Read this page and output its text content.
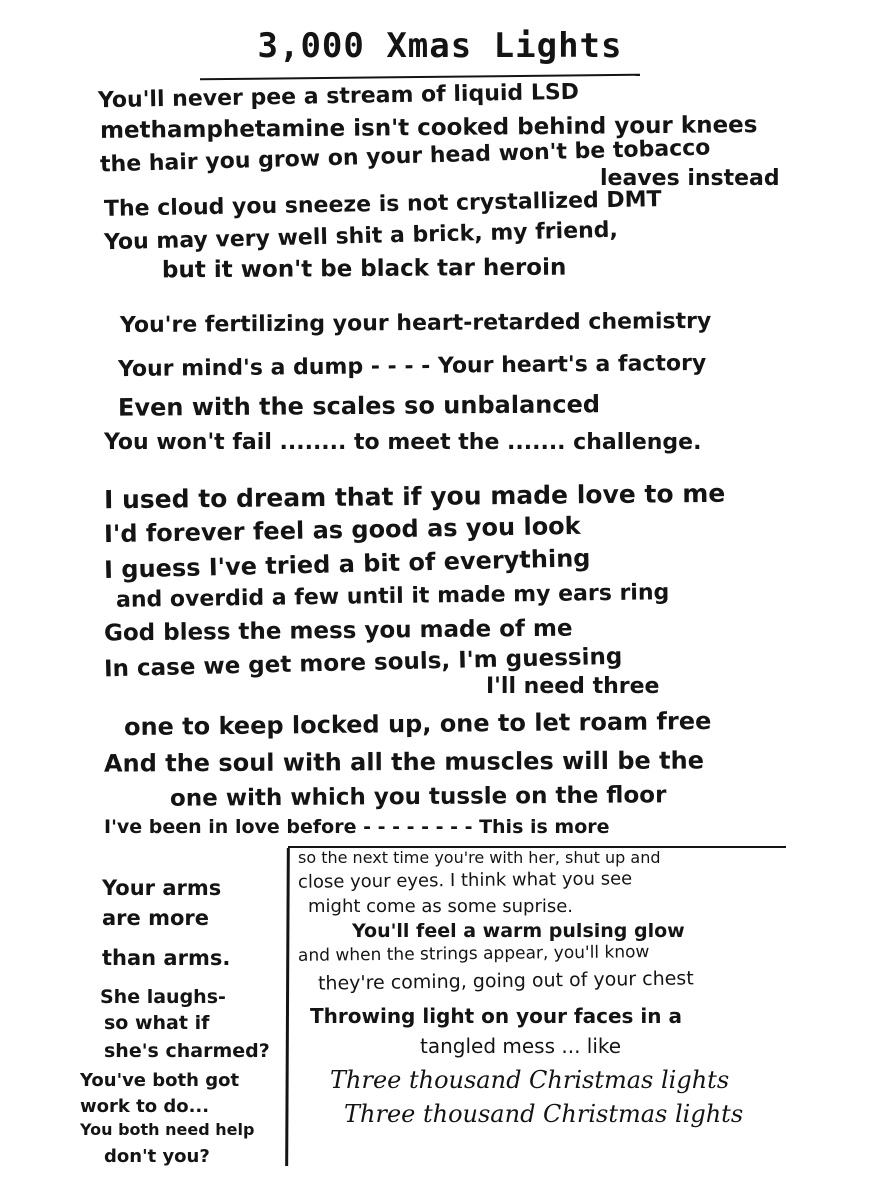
3,000 Xmas Lights
You'll never pee a stream of liquid LSD
methamphetamine isn't cooked behind your knees
the hair you grow on your head won't be tobacco
leaves instead
The cloud you sneeze is not crystallized DMT
You may very well shit a brick, my friend,
but it won't be black tar heroin
You're fertilizing your heart-retarded chemistry
Your mind's a dump - - - - Your heart's a factory
Even with the scales so unbalanced
You won't fail ........ to meet the ....... challenge.
I used to dream that if you made love to me
I'd forever feel as good as you look
I guess I've tried a bit of everything
and overdid a few until it made my ears ring
God bless the mess you made of me
In case we get more souls, I'm guessing
I'll need three
one to keep locked up, one to let roam free
And the soul with all the muscles will be the
one with which you tussle on the floor
I've been in love before - - - - - - - - This is more
Your arms
are more
than arms.
She laughs-
so what if
she's charmed?
You've both got
work to do...
You both need help
don't you?
so the next time you're with her, shut up and
close your eyes. I think what you see
might come as some suprise.
You'll feel a warm pulsing glow
and when the strings appear, you'll know
they're coming, going out of your chest
Throwing light on your faces in a
tangled mess ... like
Three thousand Christmas lights
Three thousand Christmas lights
